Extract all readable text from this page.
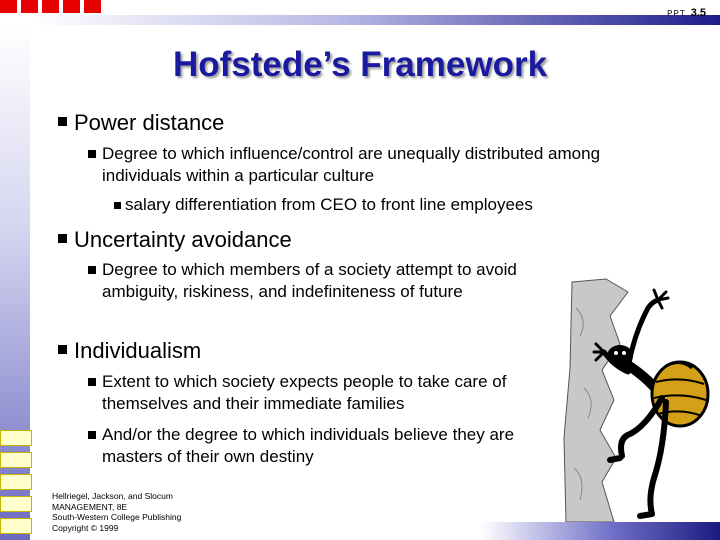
PPT 3.5
Hofstede’s Framework
Power distance
Degree to which influence/control are unequally distributed among individuals within a particular culture
salary differentiation from CEO to front line employees
Uncertainty avoidance
Degree to which members of a society attempt to avoid ambiguity, riskiness, and indefiniteness of future
Individualism
Extent to which society expects people to take care of themselves and their immediate families
And/or the degree to which individuals believe they are masters of their own destiny
Hellriegel, Jackson, and Slocum
MANAGEMENT, 8E
South-Western College Publishing
Copyright © 1999
